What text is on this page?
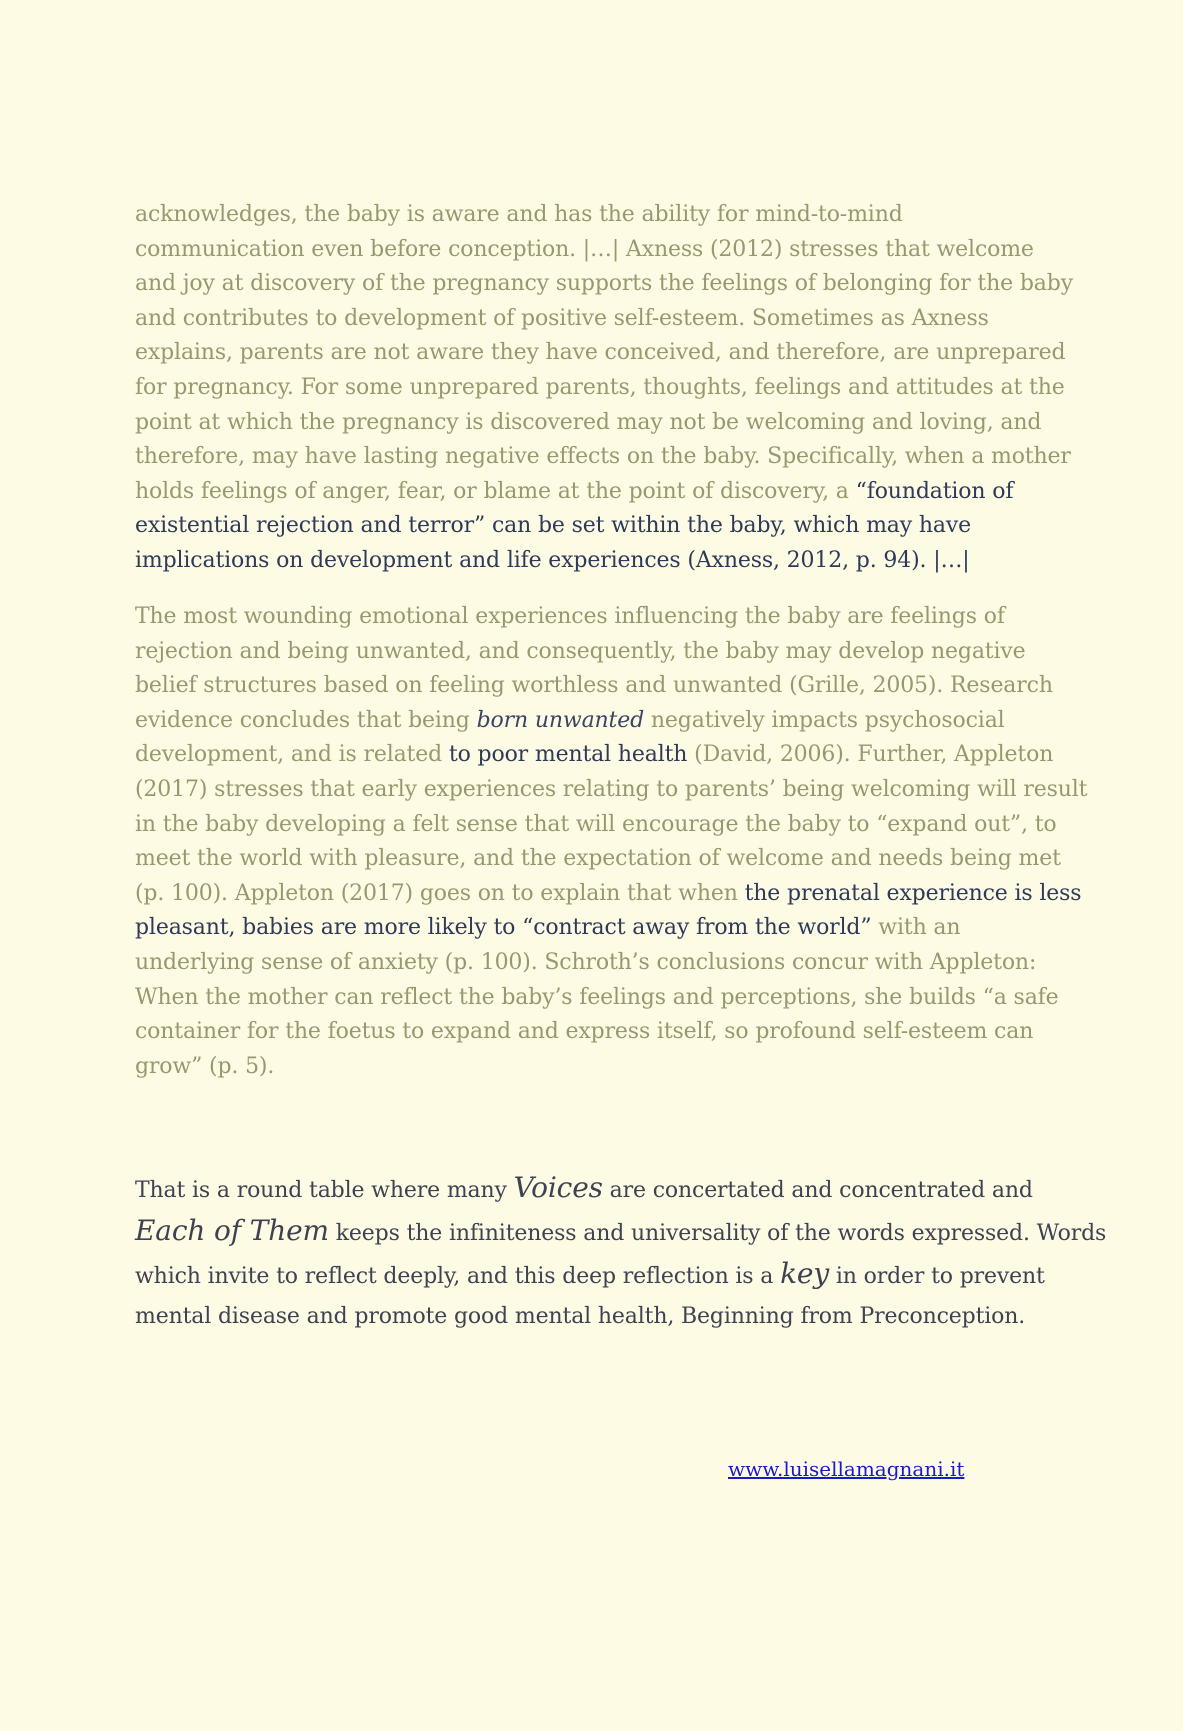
acknowledges, the baby is aware and has the ability for mind-to-mind
communication even before conception. |…| Axness (2012) stresses that welcome
and joy at discovery of the pregnancy supports the feelings of belonging for the baby
and contributes to development of positive self-esteem. Sometimes as Axness
explains, parents are not aware they have conceived, and therefore, are unprepared
for pregnancy. For some unprepared parents, thoughts, feelings and attitudes at the
point at which the pregnancy is discovered may not be welcoming and loving, and
therefore, may have lasting negative effects on the baby. Specifically, when a mother
holds feelings of anger, fear, or blame at the point of discovery, a “foundation of
existential rejection and terror” can be set within the baby, which may have
implications on development and life experiences (Axness, 2012, p. 94). |…|
The most wounding emotional experiences influencing the baby are feelings of
rejection and being unwanted, and consequently, the baby may develop negative
belief structures based on feeling worthless and unwanted (Grille, 2005). Research
evidence concludes that being born unwanted negatively impacts psychosocial
development, and is related to poor mental health (David, 2006). Further, Appleton
(2017) stresses that early experiences relating to parents’ being welcoming will result
in the baby developing a felt sense that will encourage the baby to “expand out”, to
meet the world with pleasure, and the expectation of welcome and needs being met
(p. 100). Appleton (2017) goes on to explain that when the prenatal experience is less
pleasant, babies are more likely to “contract away from the world” with an
underlying sense of anxiety (p. 100). Schroth’s conclusions concur with Appleton:
When the mother can reflect the baby’s feelings and perceptions, she builds “a safe
container for the foetus to expand and express itself, so profound self-esteem can
grow” (p. 5).
That is a round table where many Voices are concertated and concentrated and
Each of Them keeps the infiniteness and universality of the words expressed. Words
which invite to reflect deeply, and this deep reflection is a key in order to prevent
mental disease and promote good mental health, Beginning from Preconception.
www.luisellamagnani.it
